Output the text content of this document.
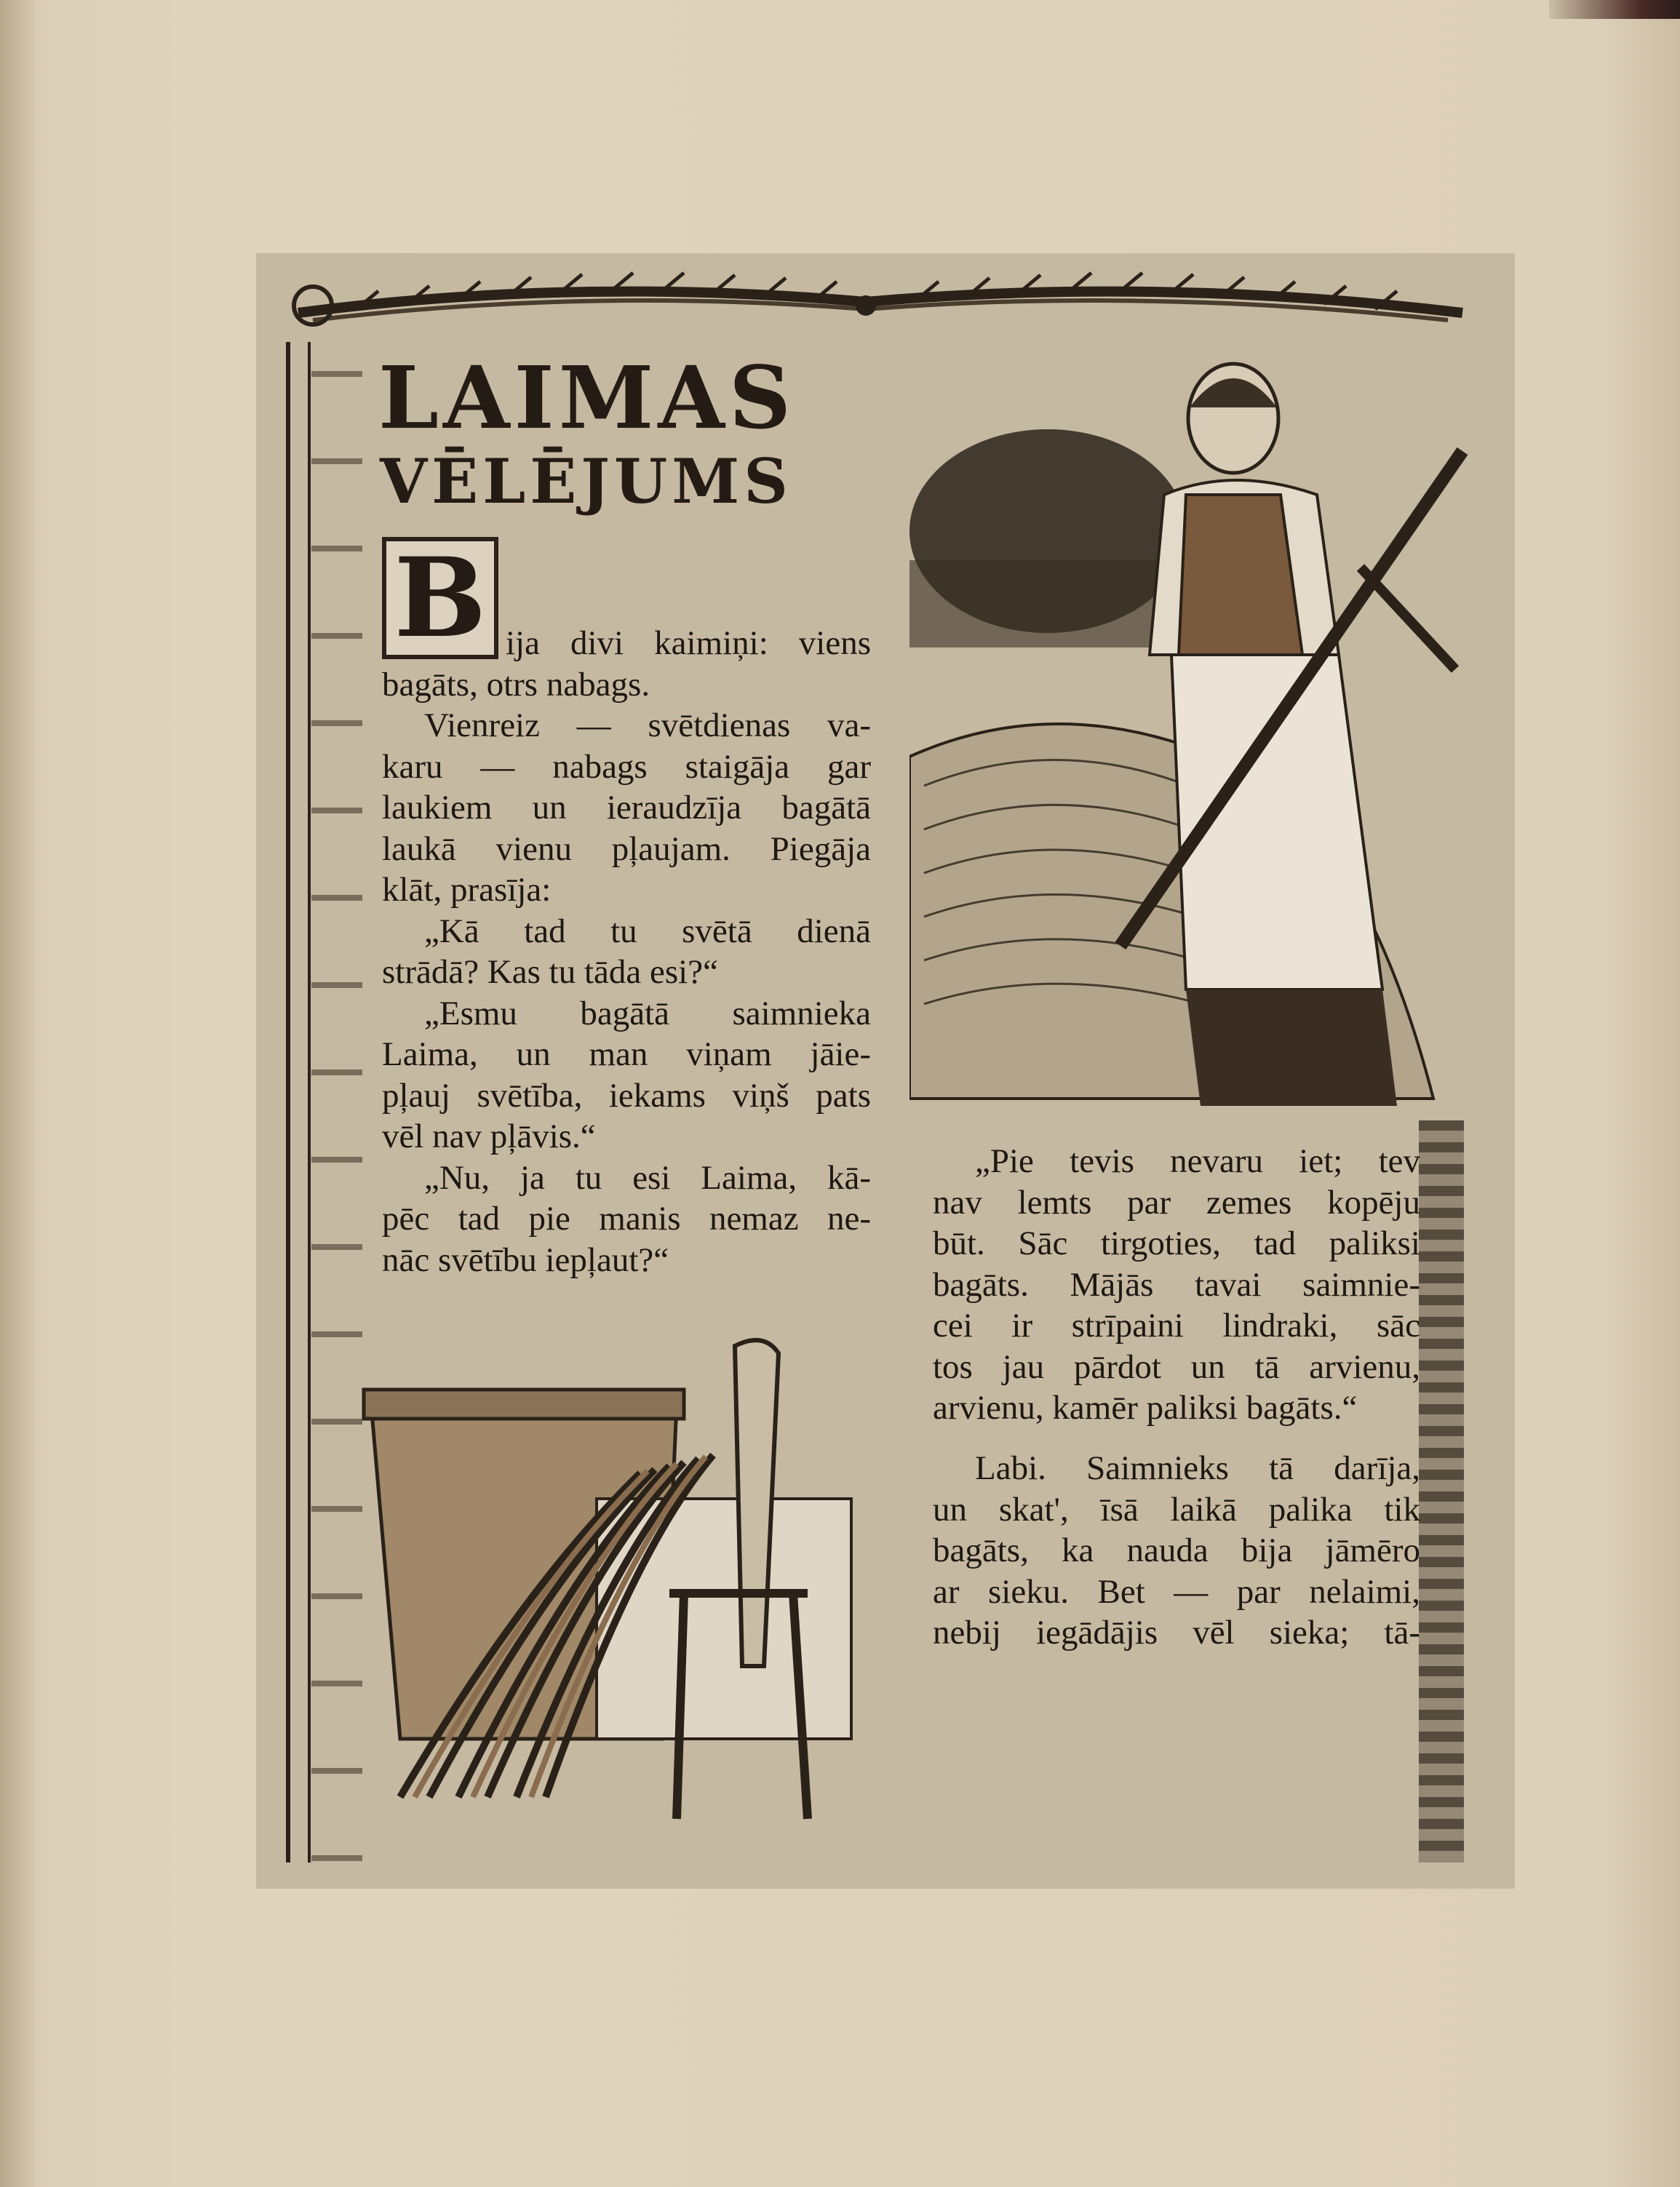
LAIMAS
VĒLĒJUMS
B ija divi kaimiņi: viens
bagāts, otrs nabags.
Vienreiz — svētdienas va-
karu — nabags staigāja gar
laukiem un ieraudzīja bagātā
laukā vienu pļaujam. Piegāja
klāt, prasīja:
„Kā tad tu svētā dienā
strādā? Kas tu tāda esi?“
„Esmu bagātā saimnieka
Laima, un man viņam jāie-
pļauj svētība, iekams viņš pats
vēl nav pļāvis.“
„Nu, ja tu esi Laima, kā-
pēc tad pie manis nemaz ne-
nāc svētību iepļaut?“
„Pie tevis nevaru iet; tev
nav lemts par zemes kopēju
būt. Sāc tirgoties, tad paliksi
bagāts. Mājās tavai saimnie-
cei ir strīpaini lindraki, sāc
tos jau pārdot un tā arvienu,
arvienu, kamēr paliksi bagāts.“
Labi. Saimnieks tā darīja,
un skat', īsā laikā palika tik
bagāts, ka nauda bija jāmēro
ar sieku. Bet — par nelaimi,
nebij iegādājis vēl sieka; tā-
